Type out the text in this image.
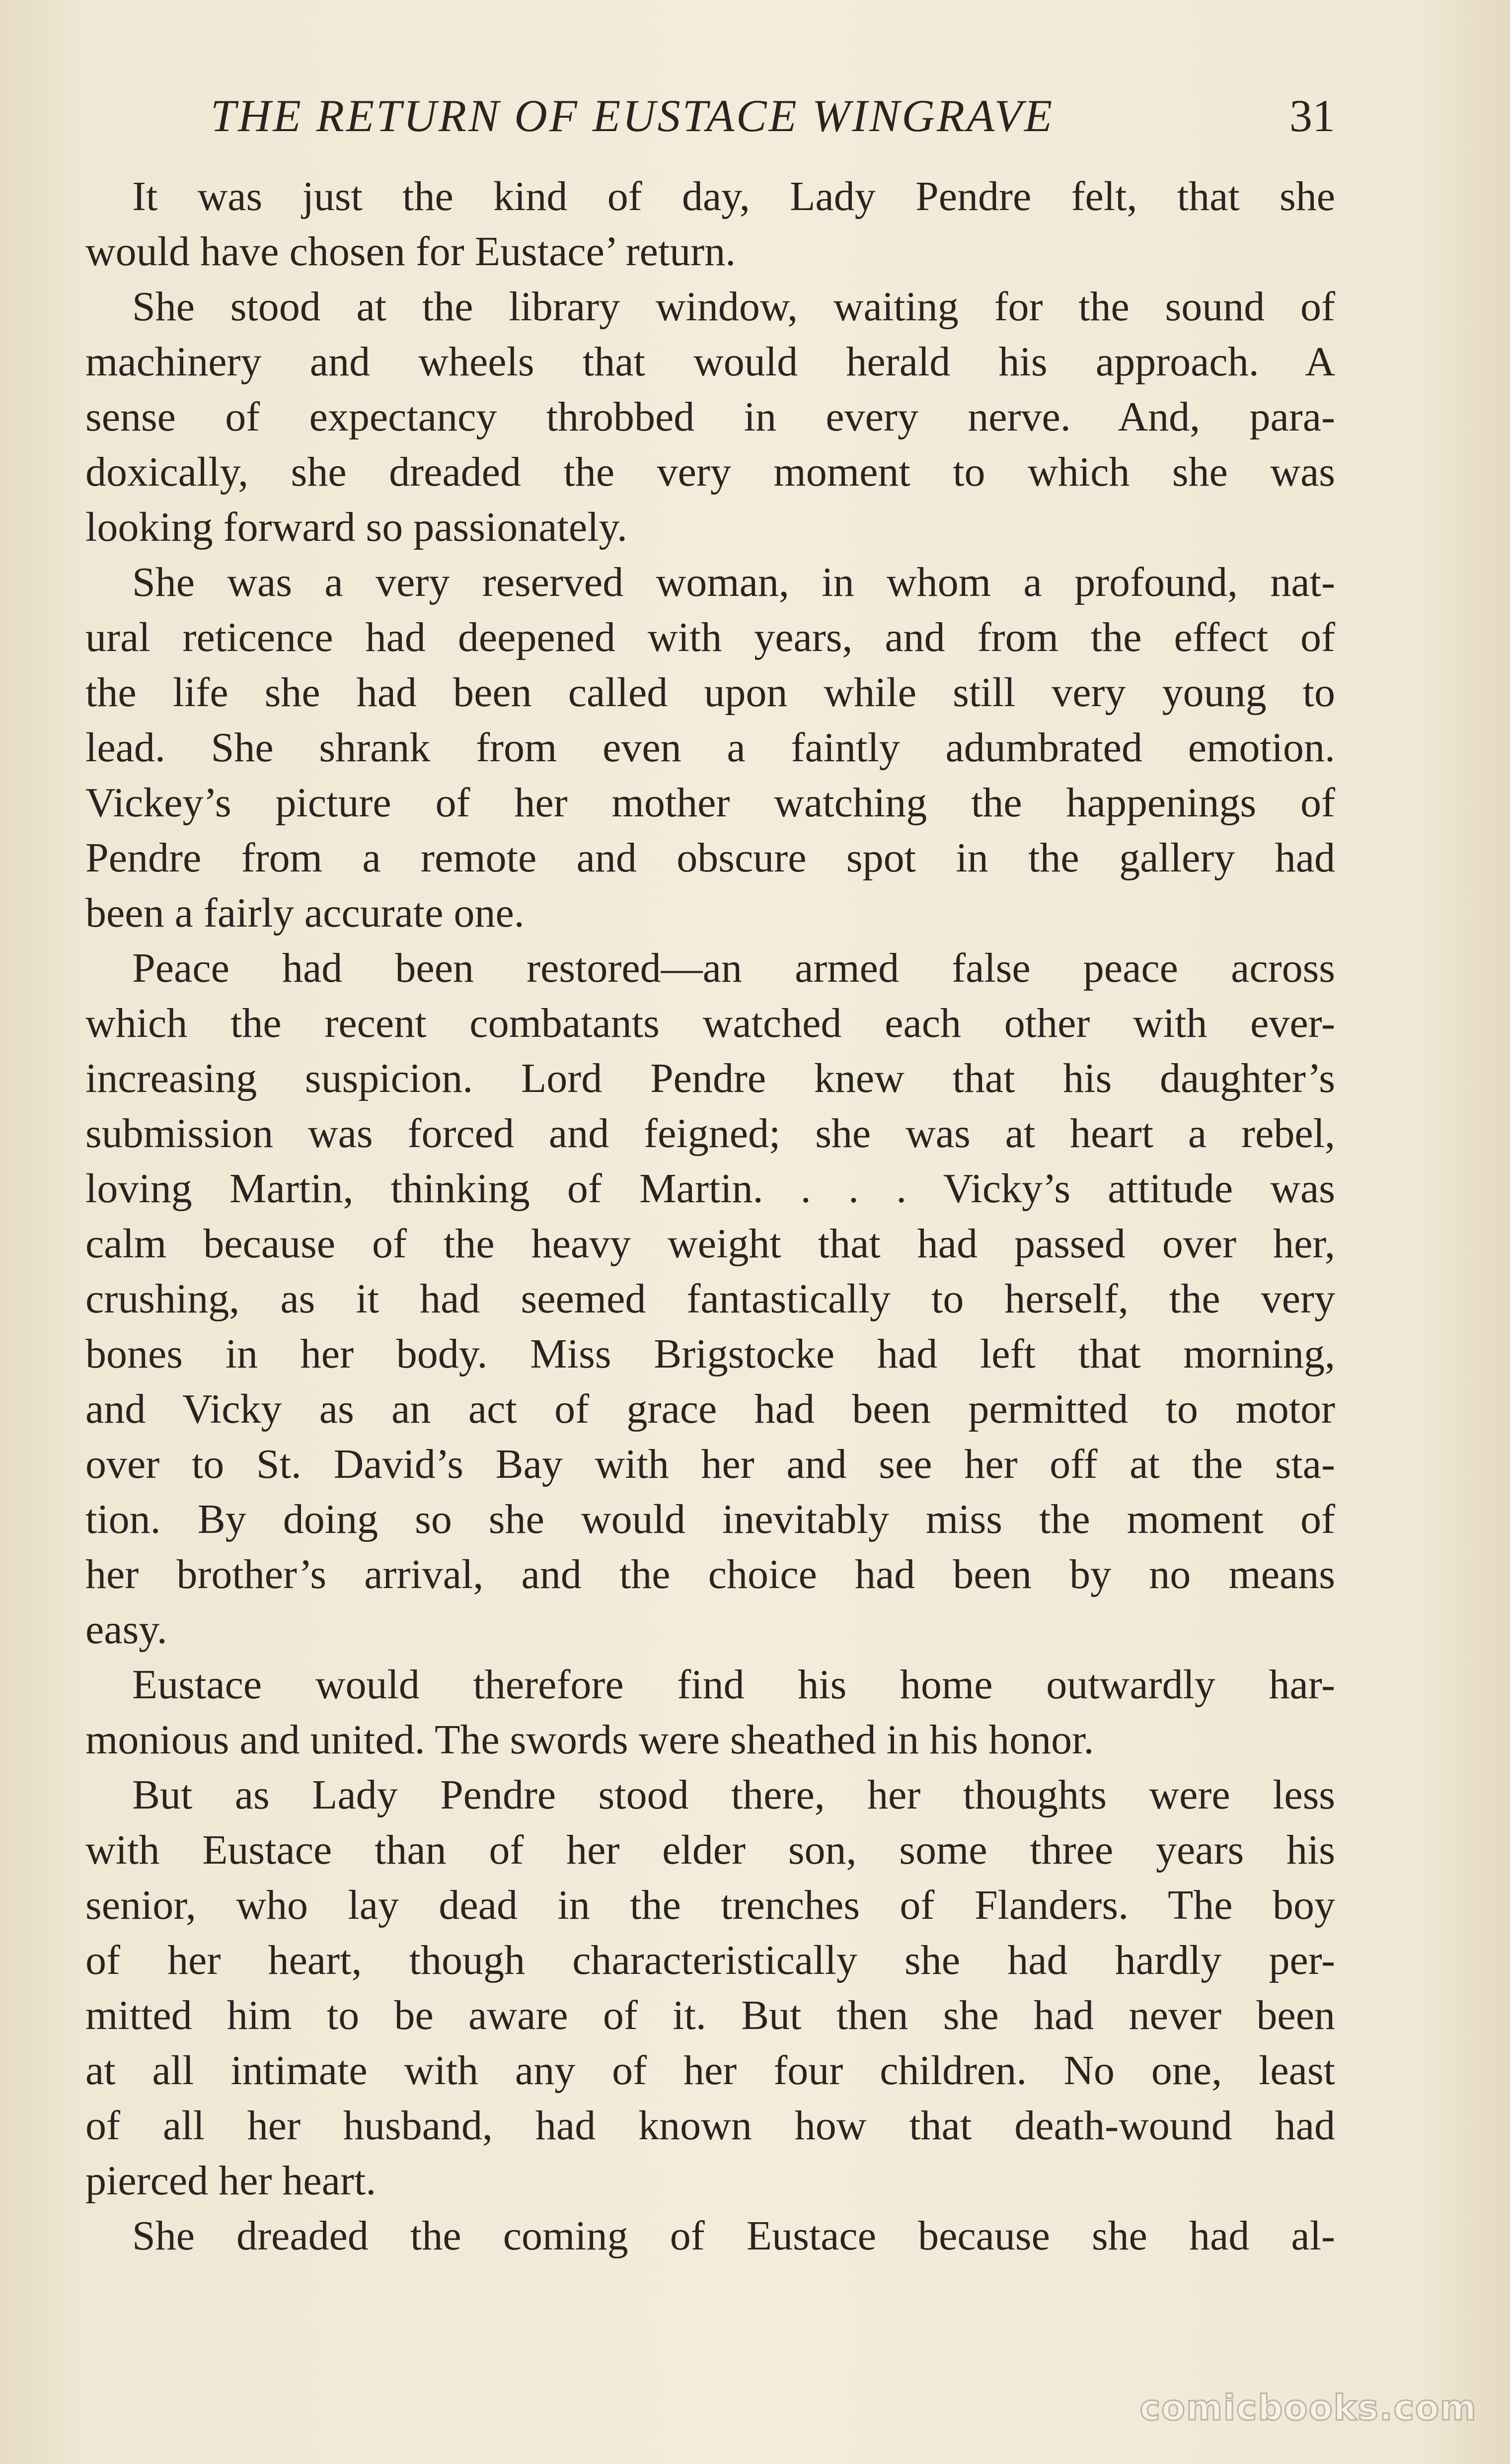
THE RETURN OF EUSTACE WINGRAVE	31
It was just the kind of day, Lady Pendre felt, that she
would have chosen for Eustace’ return.
She stood at the library window, waiting for the sound of
machinery and wheels that would herald his approach. A
sense of expectancy throbbed in every nerve. And, para-
doxically, she dreaded the very moment to which she was
looking forward so passionately.
She was a very reserved woman, in whom a profound, nat-
ural reticence had deepened with years, and from the effect of
the life she had been called upon while still very young to
lead. She shrank from even a faintly adumbrated emotion.
Vickey’s picture of her mother watching the happenings of
Pendre from a remote and obscure spot in the gallery had
been a fairly accurate one.
Peace had been restored—an armed false peace across
which the recent combatants watched each other with ever-
increasing suspicion. Lord Pendre knew that his daughter’s
submission was forced and feigned; she was at heart a rebel,
loving Martin, thinking of Martin. . . . Vicky’s attitude was
calm because of the heavy weight that had passed over her,
crushing, as it had seemed fantastically to herself, the very
bones in her body. Miss Brigstocke had left that morning,
and Vicky as an act of grace had been permitted to motor
over to St. David’s Bay with her and see her off at the sta-
tion. By doing so she would inevitably miss the moment of
her brother’s arrival, and the choice had been by no means
easy.
Eustace would therefore find his home outwardly har-
monious and united. The swords were sheathed in his honor.
But as Lady Pendre stood there, her thoughts were less
with Eustace than of her elder son, some three years his
senior, who lay dead in the trenches of Flanders. The boy
of her heart, though characteristically she had hardly per-
mitted him to be aware of it. But then she had never been
at all intimate with any of her four children. No one, least
of all her husband, had known how that death-wound had
pierced her heart.
She dreaded the coming of Eustace because she had al-
comicbooks.com
